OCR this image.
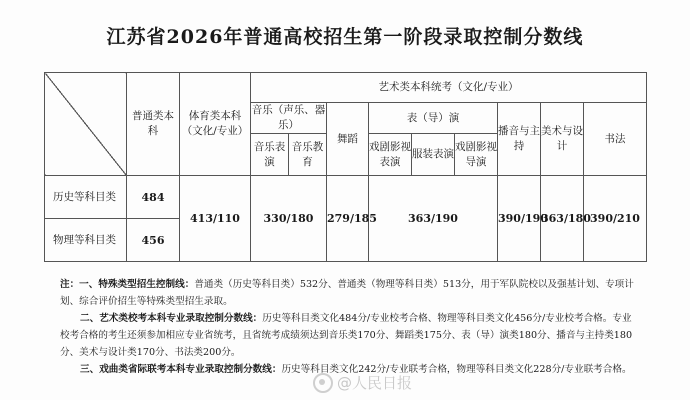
江苏省2026年普通高校招生第一阶段录取控制分数线
	普通类本科	体育类本科（文化/专业）	艺术类本科统考（文化/专业）								
			音乐（声乐、器乐）		舞蹈	表（导）演			播音与主持	美术与设计	书法
			音乐表演	音乐教育		戏剧影视表演	服装表演	戏剧影视导演			
历史等科目类	484	413/110	330/180		279/185	363/190			390/190	363/180	390/210
物理等科目类	456										

注：一、特殊类型招生控制线：普通类（历史等科目类）532分、普通类（物理等科目类）513分，用于军队院校以及强基计划、专项计划、综合评价招生等特殊类型招生录取。

二、艺术类校考本科专业录取控制分数线：历史等科目类文化484分/专业校考合格、物理等科目类文化456分/专业校考合格。专业校考合格的考生还须参加相应专业省统考，且省统考成绩须达到音乐类170分、舞蹈类175分、表（导）演类180分、播音与主持类180分、美术与设计类170分、书法类200分。

三、戏曲类省际联考本科专业录取控制分数线：历史等科目类文化242分/专业联考合格，物理等科目类文化228分/专业联考合格。

@人民日报
